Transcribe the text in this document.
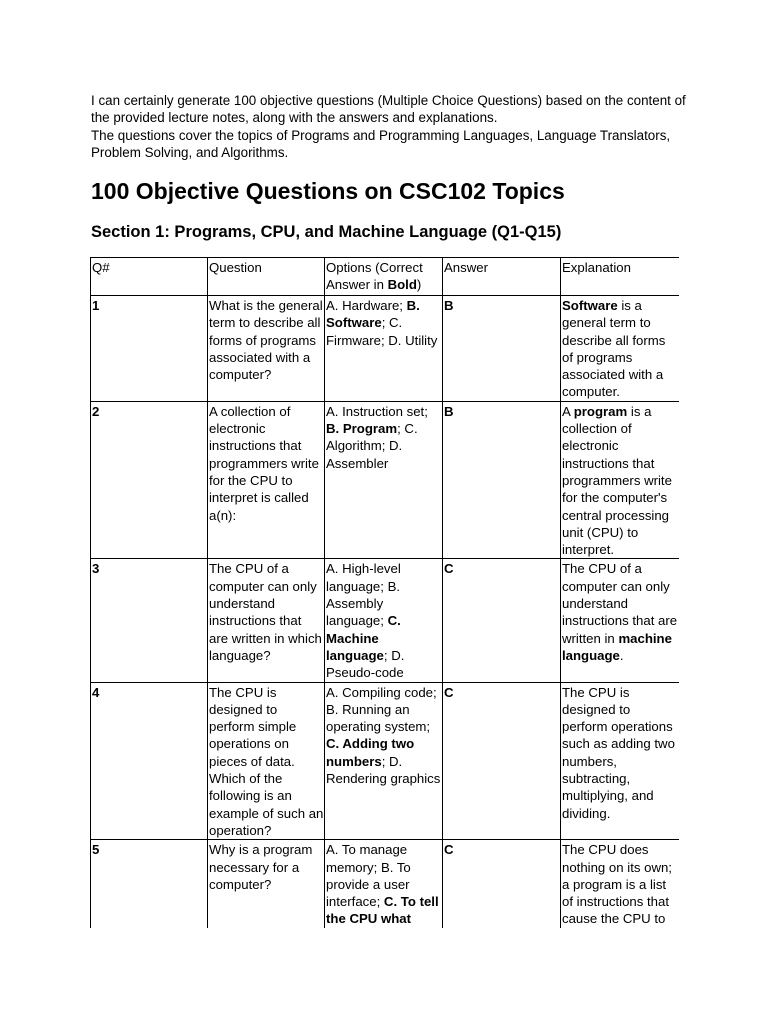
I can certainly generate 100 objective questions (Multiple Choice Questions) based on the content of the provided lecture notes, along with the answers and explanations.

The questions cover the topics of Programs and Programming Languages, Language Translators, Problem Solving, and Algorithms.

100 Objective Questions on CSC102 Topics
Section 1: Programs, CPU, and Machine Language (Q1-Q15)
Q#	Question	Options (Correct Answer in Bold)	Answer	Explanation
1	What is the general term to describe all forms of programs associated with a computer?	A. Hardware; B. Software; C. Firmware; D. Utility	B	Software is a general term to describe all forms of programs associated with a computer.
2	A collection of electronic instructions that programmers write for the CPU to interpret is called a(n):	A. Instruction set; B. Program; C. Algorithm; D. Assembler	B	A program is a collection of electronic instructions that programmers write for the computer's central processing unit (CPU) to interpret.
3	The CPU of a computer can only understand instructions that are written in which language?	A. High-level language; B. Assembly language; C. Machine language; D. Pseudo-code	C	The CPU of a computer can only understand instructions that are written in machine language.
4	The CPU is designed to perform simple operations on pieces of data. Which of the following is an example of such an operation?	A. Compiling code; B. Running an operating system; C. Adding two numbers; D. Rendering graphics	C	The CPU is designed to perform operations such as adding two numbers, subtracting, multiplying, and dividing.
5	Why is a program necessary for a computer?	A. To manage memory; B. To provide a user interface; C. To tell the CPU what	C	The CPU does nothing on its own; a program is a list of instructions that cause the CPU to
